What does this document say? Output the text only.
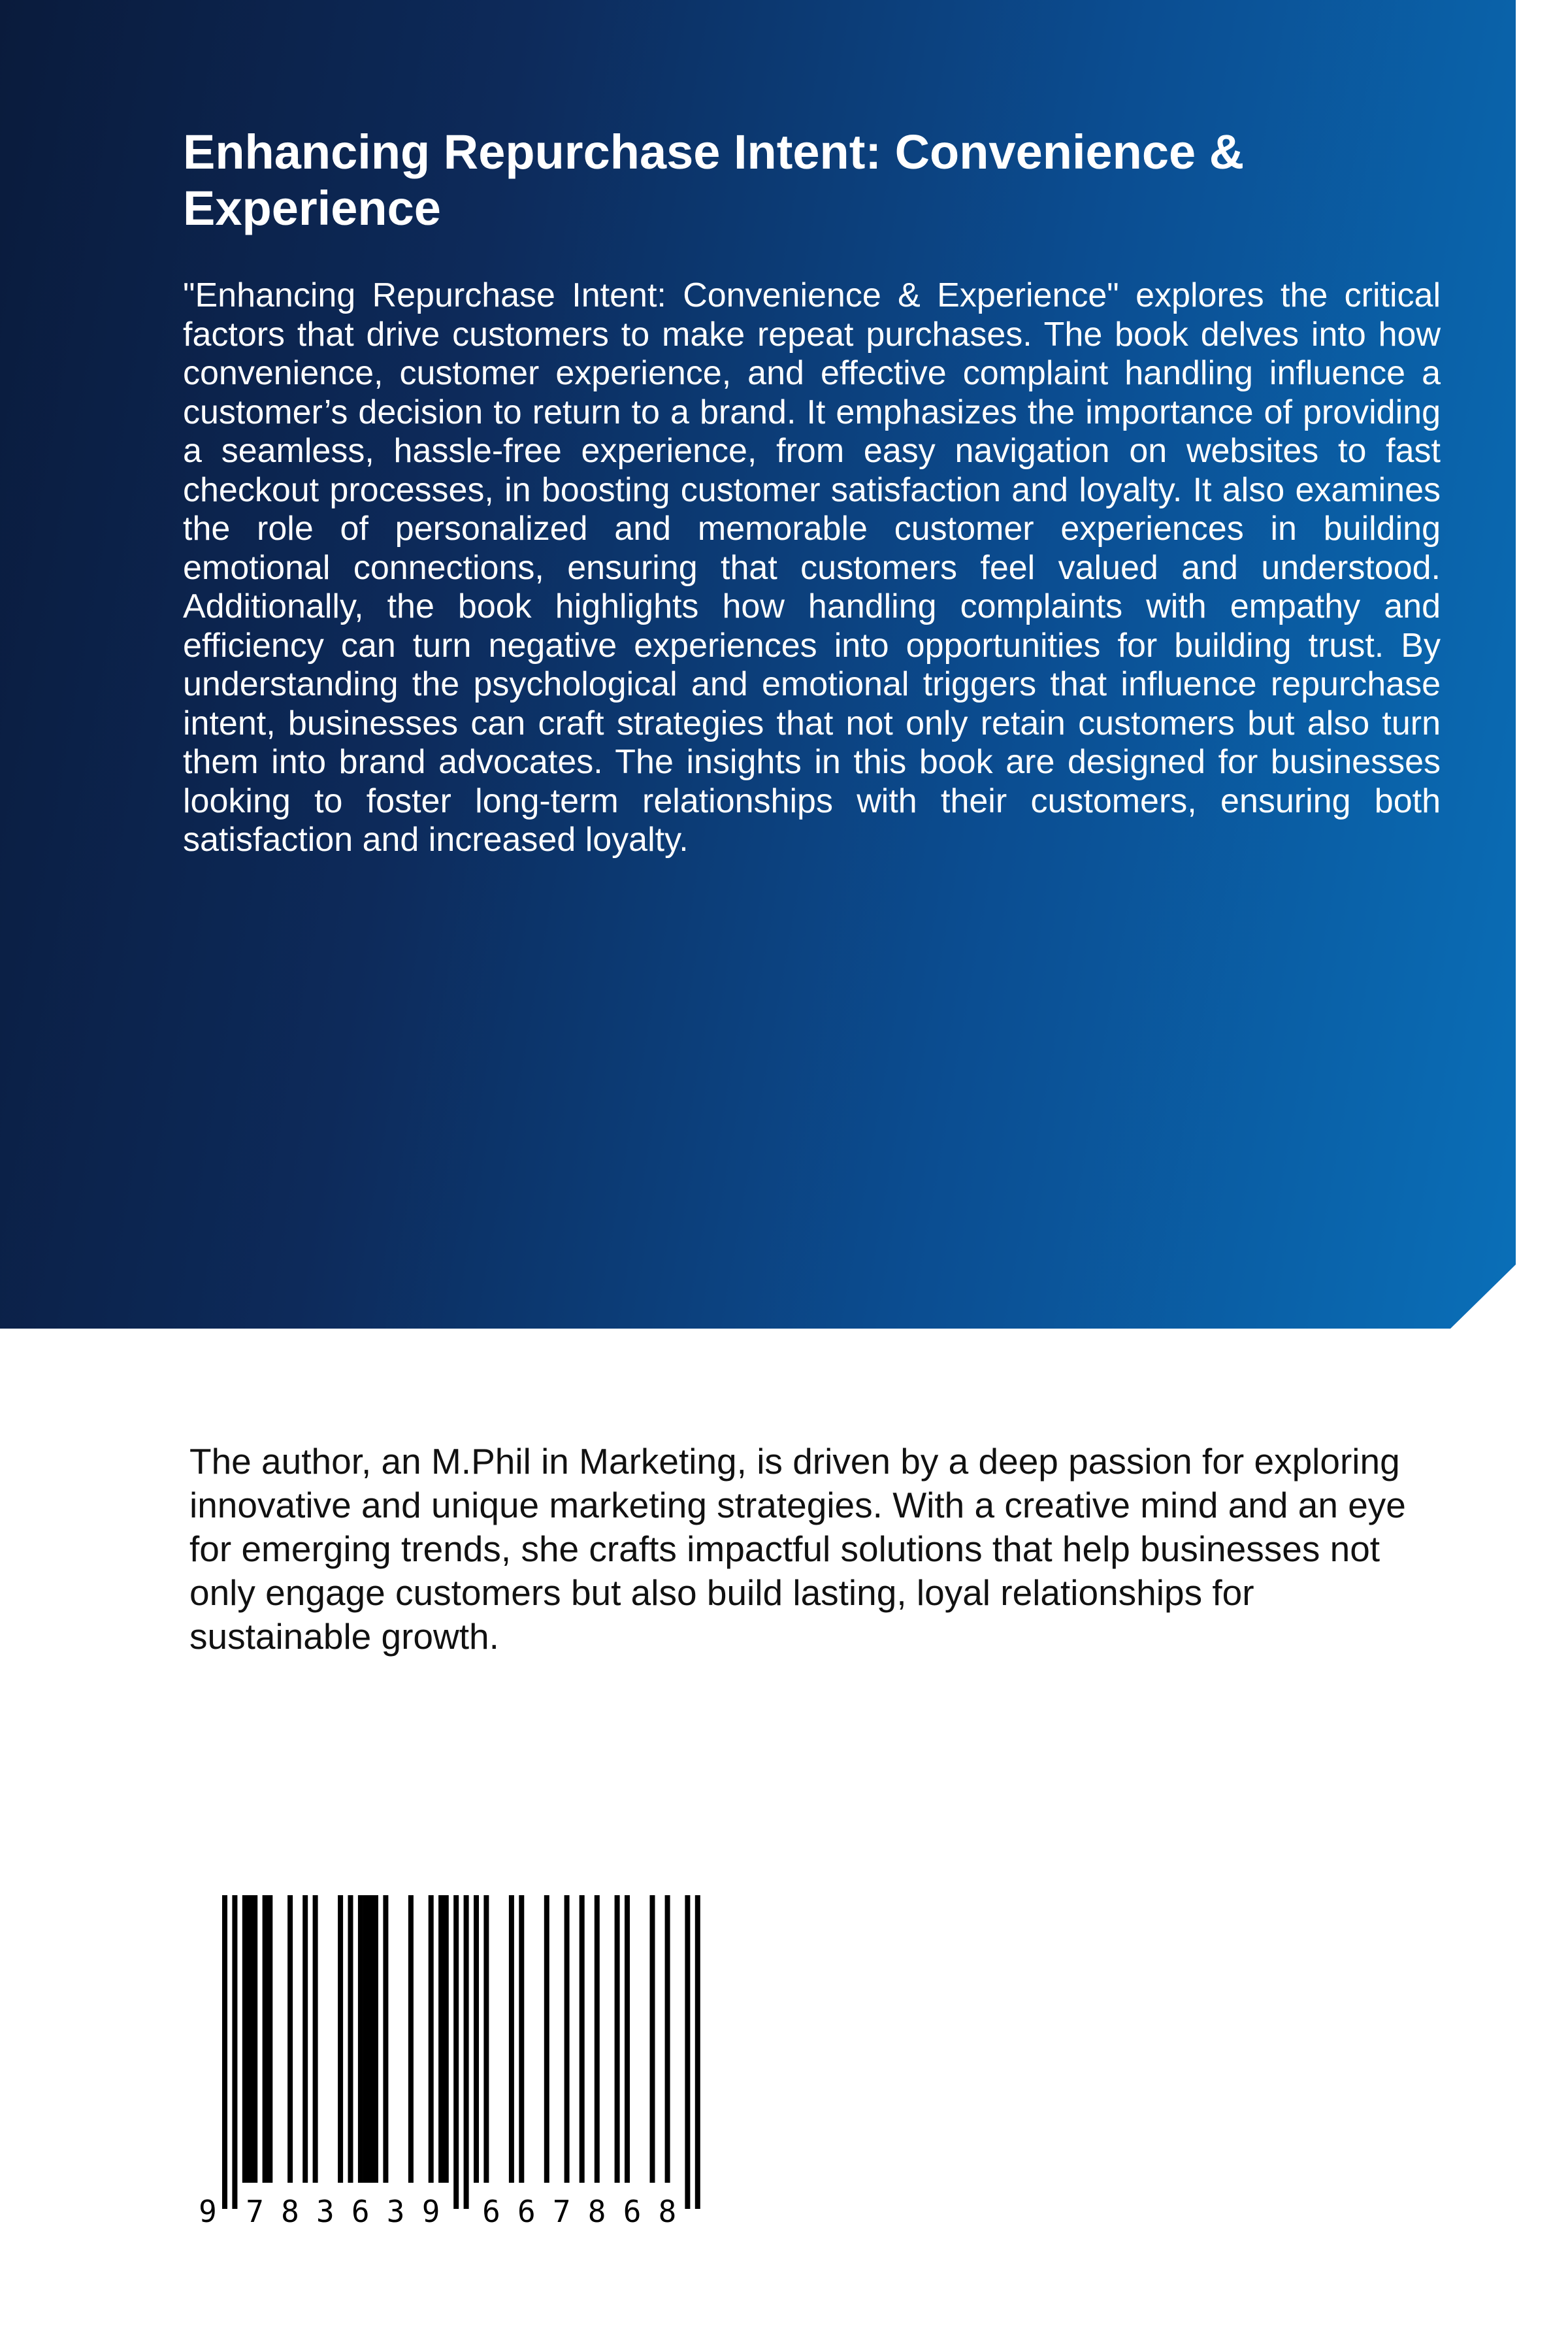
Enhancing Repurchase Intent: Convenience & Experience

"Enhancing Repurchase Intent: Convenience & Experience" explores the critical factors that drive customers to make repeat purchases. The book delves into how convenience, customer experience, and effective complaint handling influence a customer’s decision to return to a brand. It emphasizes the importance of providing a seamless, hassle-free experience, from easy navigation on websites to fast checkout processes, in boosting customer satisfaction and loyalty. It also examines the role of personalized and memorable customer experiences in building emotional connections, ensuring that customers feel valued and understood. Additionally, the book highlights how handling complaints with empathy and efficiency can turn negative experiences into opportunities for building trust. By understanding the psychological and emotional triggers that influence repurchase intent, businesses can craft strategies that not only retain customers but also turn them into brand advocates. The insights in this book are designed for businesses looking to foster long-term relationships with their customers, ensuring both satisfaction and increased loyalty.

The author, an M.Phil in Marketing, is driven by a deep passion for exploring innovative and unique marketing strategies. With a creative mind and an eye for emerging trends, she crafts impactful solutions that help businesses not only engage customers but also build lasting, loyal relationships for sustainable growth.

9 7 8 3 6 3 9 6 6 7 8 6 8
